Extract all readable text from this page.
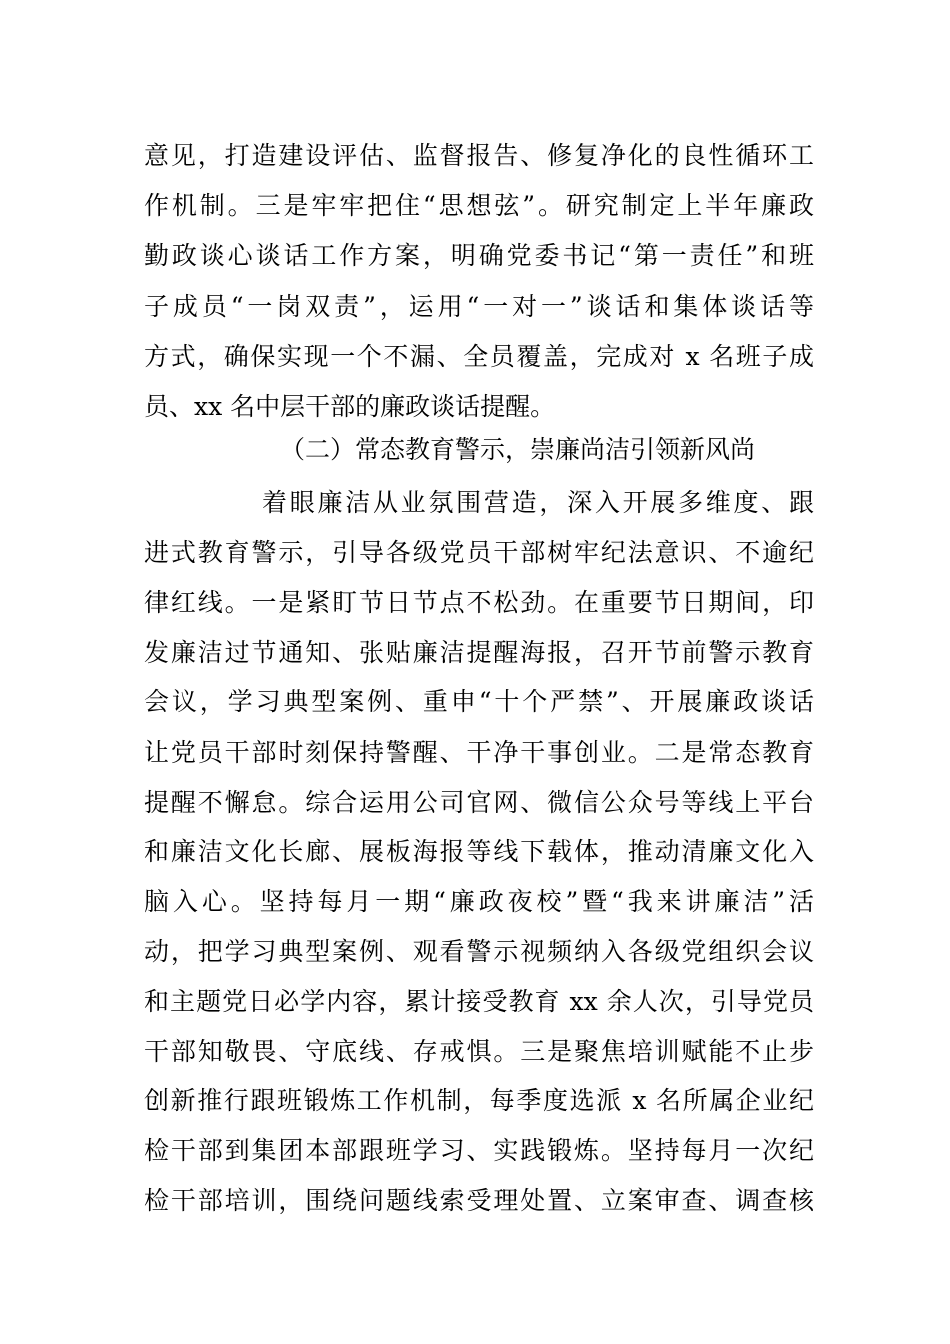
意见，打造建设评估、监督报告、修复净化的良性循环工
作机制。三是牢牢把住“思想弦”。研究制定上半年廉政
勤政谈心谈话工作方案，明确党委书记“第一责任”和班
子成员“一岗双责”，运用“一对一”谈话和集体谈话等
方式，确保实现一个不漏、全员覆盖，完成对 x 名班子成
员、xx 名中层干部的廉政谈话提醒。
（二）常态教育警示，崇廉尚洁引领新风尚
着眼廉洁从业氛围营造，深入开展多维度、跟
进式教育警示，引导各级党员干部树牢纪法意识、不逾纪
律红线。一是紧盯节日节点不松劲。在重要节日期间，印
发廉洁过节通知、张贴廉洁提醒海报，召开节前警示教育
会议，学习典型案例、重申“十个严禁”、开展廉政谈话
让党员干部时刻保持警醒、干净干事创业。二是常态教育
提醒不懈怠。综合运用公司官网、微信公众号等线上平台
和廉洁文化长廊、展板海报等线下载体，推动清廉文化入
脑入心。坚持每月一期“廉政夜校”暨“我来讲廉洁”活
动，把学习典型案例、观看警示视频纳入各级党组织会议
和主题党日必学内容，累计接受教育 xx 余人次，引导党员
干部知敬畏、守底线、存戒惧。三是聚焦培训赋能不止步
创新推行跟班锻炼工作机制，每季度选派 x 名所属企业纪
检干部到集团本部跟班学习、实践锻炼。坚持每月一次纪
检干部培训，围绕问题线索受理处置、立案审查、调查核
